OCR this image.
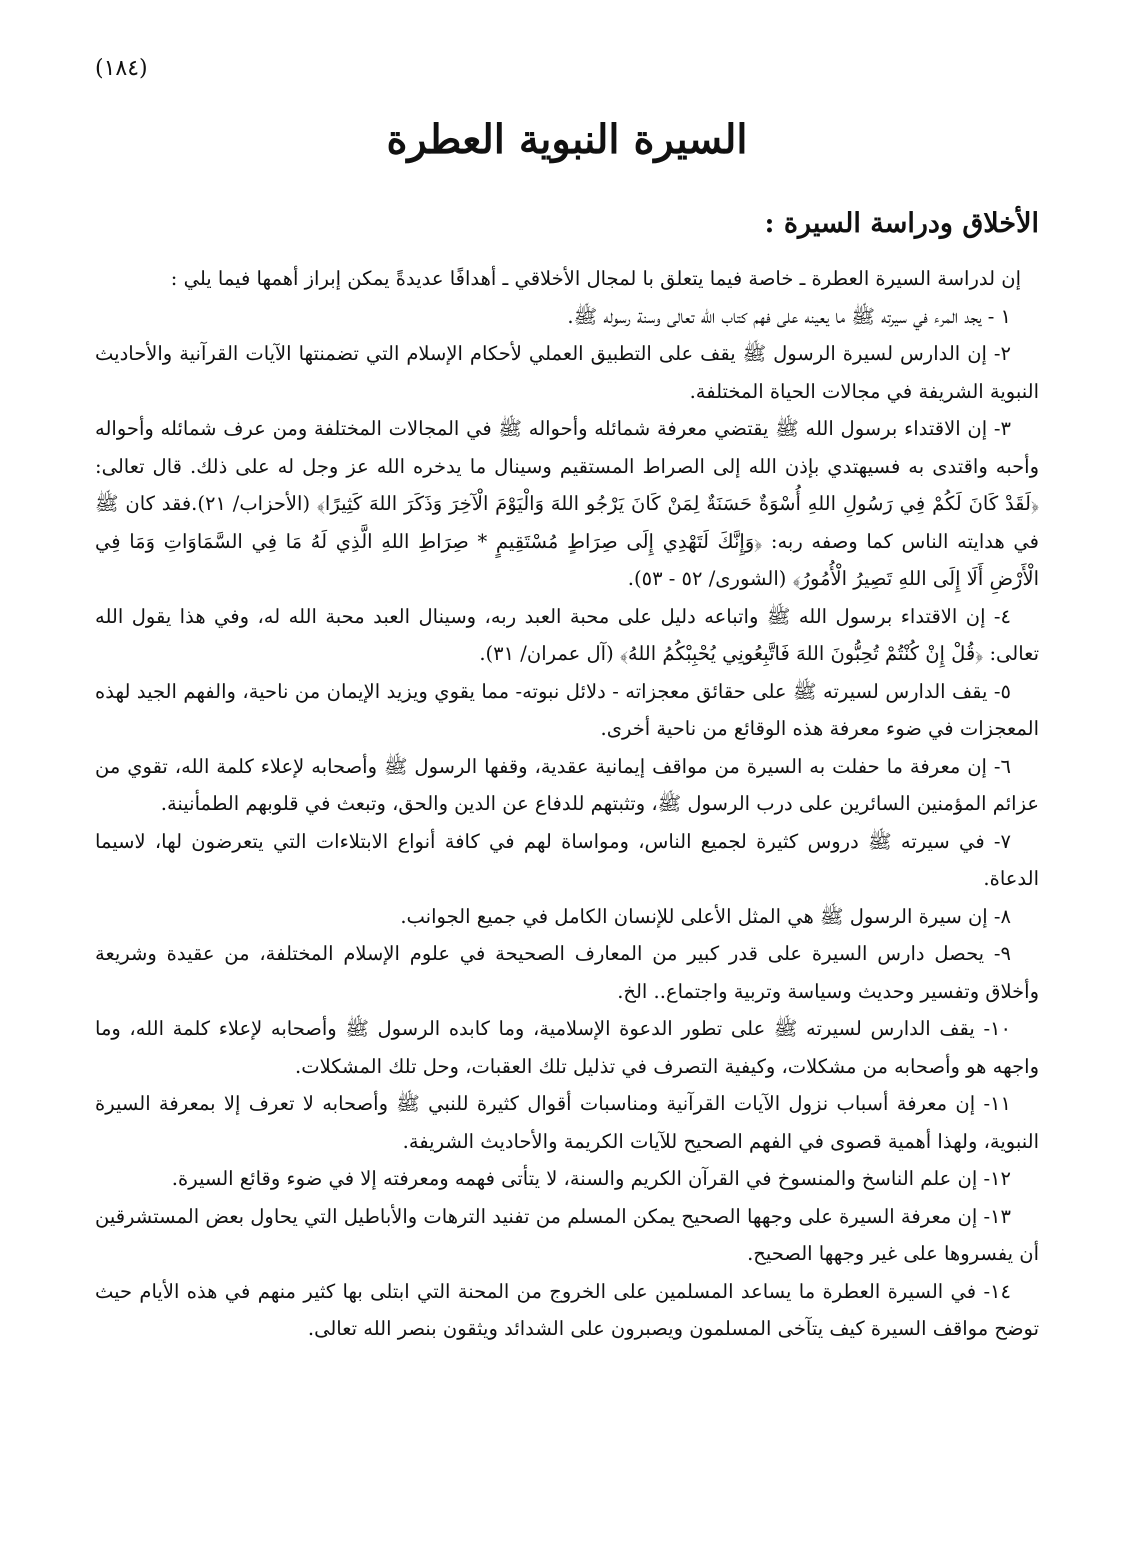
(١٨٤)
السيرة النبوية العطرة
الأخلاق ودراسة السيرة :

إن لدراسة السيرة العطرة ـ خاصة فيما يتعلق با لمجال الأخلاقي ـ أهدافًا عديدةً يمكن إبراز أهمها فيما يلي :

١ - يجد المرء في سيرته ﷺ ما يعينه على فهم كتاب الله تعالى وسنة رسوله ﷺ.

٢- إن الدارس لسيرة الرسول ﷺ يقف على التطبيق العملي لأحكام الإسلام التي تضمنتها الآيات القرآنية والأحاديث النبوية الشريفة في مجالات الحياة المختلفة.

٣- إن الاقتداء برسول الله ﷺ يقتضي معرفة شمائله وأحواله ﷺ في المجالات المختلفة ومن عرف شمائله وأحواله وأحبه واقتدى به فسيهتدي بإذن الله إلى الصراط المستقيم وسينال ما يدخره الله عز وجل له على ذلك. قال تعالى: ﴿لَقَدْ كَانَ لَكُمْ فِي رَسُولِ اللهِ أُسْوَةٌ حَسَنَةٌ لِمَنْ كَانَ يَرْجُو اللهَ وَالْيَوْمَ الْآخِرَ وَذَكَرَ اللهَ كَثِيرًا﴾ (الأحزاب/ ٢١).فقد كان ﷺ في هدايته الناس كما وصفه ربه: ﴿وَإِنَّكَ لَتَهْدِي إِلَى صِرَاطٍ مُسْتَقِيمٍ * صِرَاطِ اللهِ الَّذِي لَهُ مَا فِي السَّمَاوَاتِ وَمَا فِي الْأَرْضِ أَلَا إِلَى اللهِ تَصِيرُ الْأُمُورُ﴾ (الشورى/ ٥٢ - ٥٣).

٤- إن الاقتداء برسول الله ﷺ واتباعه دليل على محبة العبد ربه، وسينال العبد محبة الله له، وفي هذا يقول الله تعالى: ﴿قُلْ إِنْ كُنْتُمْ تُحِبُّونَ اللهَ فَاتَّبِعُونِي يُحْبِبْكُمُ اللهُ﴾ (آل عمران/ ٣١).

٥- يقف الدارس لسيرته ﷺ على حقائق معجزاته - دلائل نبوته- مما يقوي ويزيد الإيمان من ناحية، والفهم الجيد لهذه المعجزات في ضوء معرفة هذه الوقائع من ناحية أخرى.

٦- إن معرفة ما حفلت به السيرة من مواقف إيمانية عقدية، وقفها الرسول ﷺ وأصحابه لإعلاء كلمة الله، تقوي من عزائم المؤمنين السائرين على درب الرسول ﷺ، وتثبتهم للدفاع عن الدين والحق، وتبعث في قلوبهم الطمأنينة.

٧- في سيرته ﷺ دروس كثيرة لجميع الناس، ومواساة لهم في كافة أنواع الابتلاءات التي يتعرضون لها، لاسيما الدعاة.

٨- إن سيرة الرسول ﷺ هي المثل الأعلى للإنسان الكامل في جميع الجوانب.

٩- يحصل دارس السيرة على قدر كبير من المعارف الصحيحة في علوم الإسلام المختلفة، من عقيدة وشريعة وأخلاق وتفسير وحديث وسياسة وتربية واجتماع.. الخ.

١٠- يقف الدارس لسيرته ﷺ على تطور الدعوة الإسلامية، وما كابده الرسول ﷺ وأصحابه لإعلاء كلمة الله، وما واجهه هو وأصحابه من مشكلات، وكيفية التصرف في تذليل تلك العقبات، وحل تلك المشكلات.

١١- إن معرفة أسباب نزول الآيات القرآنية ومناسبات أقوال كثيرة للنبي ﷺ وأصحابه لا تعرف إلا بمعرفة السيرة النبوية، ولهذا أهمية قصوى في الفهم الصحيح للآيات الكريمة والأحاديث الشريفة.

١٢- إن علم الناسخ والمنسوخ في القرآن الكريم والسنة، لا يتأتى فهمه ومعرفته إلا في ضوء وقائع السيرة.

١٣- إن معرفة السيرة على وجهها الصحيح يمكن المسلم من تفنيد الترهات والأباطيل التي يحاول بعض المستشرقين أن يفسروها على غير وجهها الصحيح.

١٤- في السيرة العطرة ما يساعد المسلمين على الخروج من المحنة التي ابتلى بها كثير منهم في هذه الأيام حيث توضح مواقف السيرة كيف يتآخى المسلمون ويصبرون على الشدائد ويثقون بنصر الله تعالى.
